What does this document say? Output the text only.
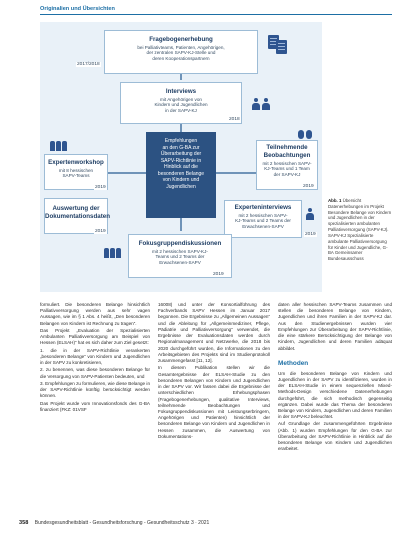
Originalien und Übersichten
Fragebogenerhebung
bei Palliativteams, Patienten, Angehörigen,
der zentralen SAPV-KJ-Stelle und
deren Kooperationspartnern
2017/2018
Interviews
mit Angehörigen von
Kindern und Jugendlichen
in der SAPV-KJ
2018
Expertenworkshop
mit 8 hessischen
SAPV-Teams
2019
Empfehlungen
an den G-BA zur
Überarbeitung der
SAPV-Richtlinie in
Hinblick auf die
besonderen Belange
von Kindern und
Jugendlichen
Teilnehmende Beobachtungen
mit 2 hessischen SAPV-
KJ-Teams und 1 Team
der SAPV-KJ
2019
Auswertung der Dokumentationsdaten
2019
Experteninterviews
mit 2 hessischen SAPV-
KJ-Teams und 2 Teams der
Erwachsenen-SAPV
2019
Fokusgruppendiskussionen
mit 2 hessischen SAPV-KJ-
Teams und 2 Teams der
Erwachsenen-SAPV
2019
Abb. 1 Übersicht Datenerhebungen im Projekt Besondere Belange von Kindern und Jugendlichen in der spezialisierten ambulanten Palliativversorgung (SAPV-KJ). SAPV-KJ Spezialisierte ambulante Palliativversorgung für Kinder und Jugendliche, G-BA Gemeinsamer Bundesausschuss

formuliert. Die besonderen Belange hinsichtlich Palliativversorgung werden aus sehr vagen Aussagen, wie im § 1 Abs. 4 heißt, „Den besonderen Belangen von Kindern ist Rechnung zu tragen“.

Das Projekt „Evaluation der Spezialisierten Ambulanten Palliativversorgung am Beispiel von Hessen (ELSAH)“ hat es sich daher zum Ziel gesetzt:

1. die in der SAPV-Richtlinie verankerten „besonderen Belange“ von Kindern und Jugendlichen in der SAPV zu konkretisieren,

2. zu benennen, was diese besonderen Belange für die Versorgung von SAPV-Patienten bedeuten, und

3. Empfehlungen zu formulieren, wie diese Belange in der SAPV-Richtlinie künftig berücksichtigt werden können.

Das Projekt wurde vom Innovationsfonds des G-BA finanziert (FKZ: 01VSF

16008) und unter der Konsortialführung des Fachverbands SAPV Hessen im Januar 2017 begonnen. Die Ergebnisse zu „Allgemeinen Aussagen“ und die Ableitung für „Allgemeinmediziner, Pflege, Pädiatrie und Palliativversorgung“ verwendet, die Ergebnisse der Evaluationsdaten werden durch Regionalmanagement und Netzwerke, die 2018 bis 2020 durchgeführt wurden, die Informationen zu den Arbeitsgebieten des Projekts sind im Studienprotokoll zusammengefasst [11, 12].

In diesem Publikation stellen wir die Gesamtergebnisse der ELSAH-Studie zu den besonderen Belangen von Kindern und Jugendlichen in der SAPV vor. Wir fassen dabei die Ergebnisse der unterschiedlichen Erhebungsphasen (Fragebogenerhebungen, qualitative Interviews, teilnehmende Beobachtungen und Fokusgruppendiskussionen mit Leistungserbringern, Angehörigen und Patienten) hinsichtlich der besonderen Belange von Kindern und Jugendlichen in Hessen zusammen, die Auswertung von Dokumentations-

daten aller hessischen SAPV-Teams zusammen und stellen die besonderen Belange von Kindern, Jugendlichen und ihren Familien in der SAPV-KJ dar. Aus den Studienergebnissen wurden vier Empfehlungen zur Überarbeitung der SAPV-Richtlinie, die eine stärkere Berücksichtigung der Belange von Kindern, Jugendlichen und deren Familien adäquat abbildet.

Methoden

Um die besonderen Belange von Kindern und Jugendlichen in der SAPV zu identifizieren, wurden in der ELSAH-Studie in einem sequenziellen Mixed-Methods-Design verschiedene Datenerhebungen durchgeführt, die sich methodisch gegenseitig ergänzen. Dabei wurde das Thema der besonderen Belange von Kindern, Jugendlichen und deren Familien in der SAPV-KJ beleuchtet.

Auf Grundlage der zusammengeführten Ergebnisse (Abb. 1) wurden Empfehlungen für den G-BA zur Überarbeitung der SAPV-Richtlinie in Hinblick auf die besonderen Belange von Kindern und Jugendlichen erarbeitet.

358 Bundesgesundheitsblatt - Gesundheitsforschung - Gesundheitsschutz 3 · 2021
